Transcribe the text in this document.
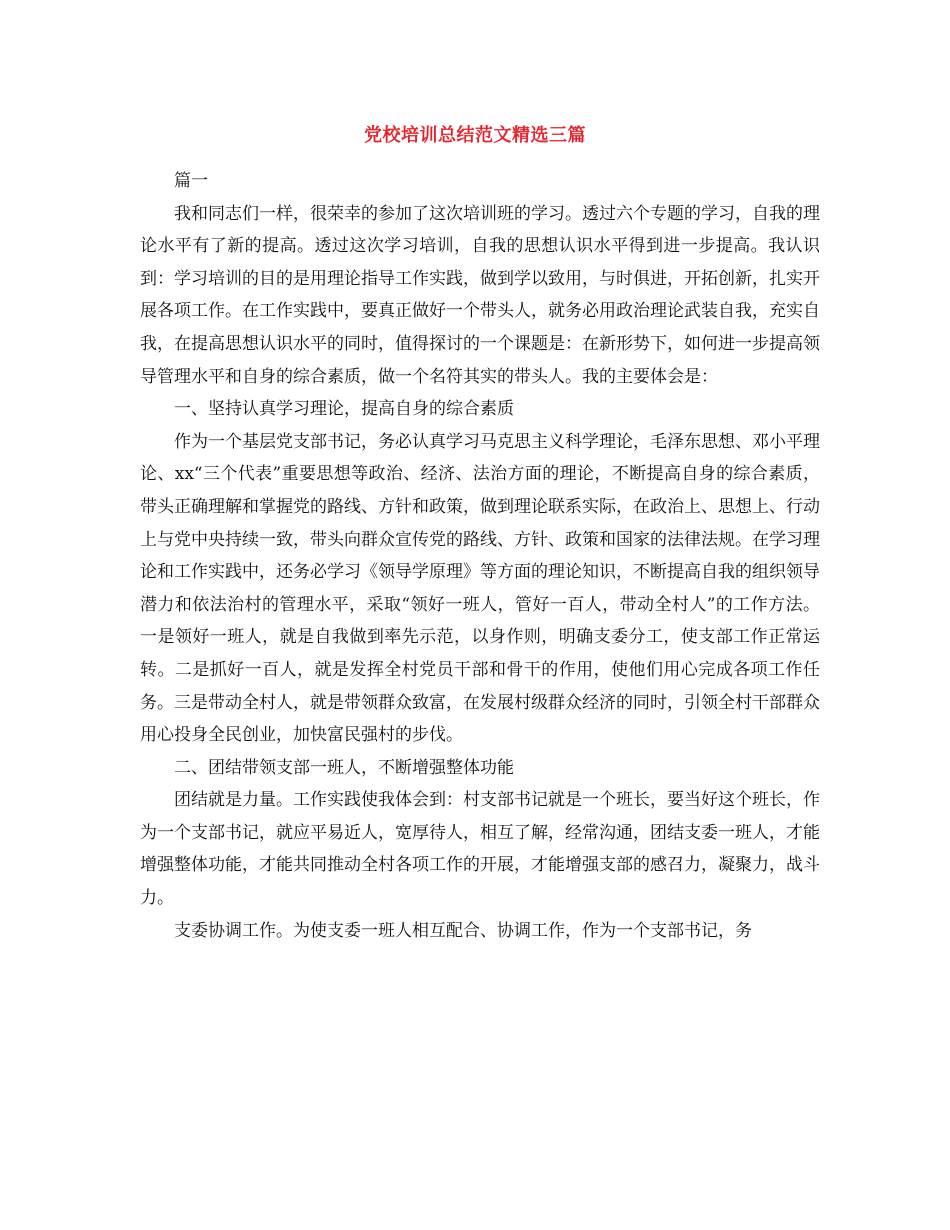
党校培训总结范文精选三篇

篇一

我和同志们一样，很荣幸的参加了这次培训班的学习。透过六个专题的学习，自我的理论水平有了新的提高。透过这次学习培训，自我的思想认识水平得到进一步提高。我认识到：学习培训的目的是用理论指导工作实践，做到学以致用，与时俱进，开拓创新，扎实开展各项工作。在工作实践中，要真正做好一个带头人，就务必用政治理论武装自我，充实自我，在提高思想认识水平的同时，值得探讨的一个课题是：在新形势下，如何进一步提高领导管理水平和自身的综合素质，做一个名符其实的带头人。我的主要体会是：

一、坚持认真学习理论，提高自身的综合素质

作为一个基层党支部书记，务必认真学习马克思主义科学理论，毛泽东思想、邓小平理论、xx“三个代表”重要思想等政治、经济、法治方面的理论，不断提高自身的综合素质，带头正确理解和掌握党的路线、方针和政策，做到理论联系实际，在政治上、思想上、行动上与党中央持续一致，带头向群众宣传党的路线、方针、政策和国家的法律法规。在学习理论和工作实践中，还务必学习《领导学原理》等方面的理论知识，不断提高自我的组织领导潜力和依法治村的管理水平，采取“领好一班人，管好一百人，带动全村人”的工作方法。一是领好一班人，就是自我做到率先示范，以身作则，明确支委分工，使支部工作正常运转。二是抓好一百人，就是发挥全村党员干部和骨干的作用，使他们用心完成各项工作任务。三是带动全村人，就是带领群众致富，在发展村级群众经济的同时，引领全村干部群众用心投身全民创业，加快富民强村的步伐。

二、团结带领支部一班人，不断增强整体功能

团结就是力量。工作实践使我体会到：村支部书记就是一个班长，要当好这个班长，作为一个支部书记，就应平易近人，宽厚待人，相互了解，经常沟通，团结支委一班人，才能增强整体功能，才能共同推动全村各项工作的开展，才能增强支部的感召力，凝聚力，战斗力。

支委协调工作。为使支委一班人相互配合、协调工作，作为一个支部书记，务
